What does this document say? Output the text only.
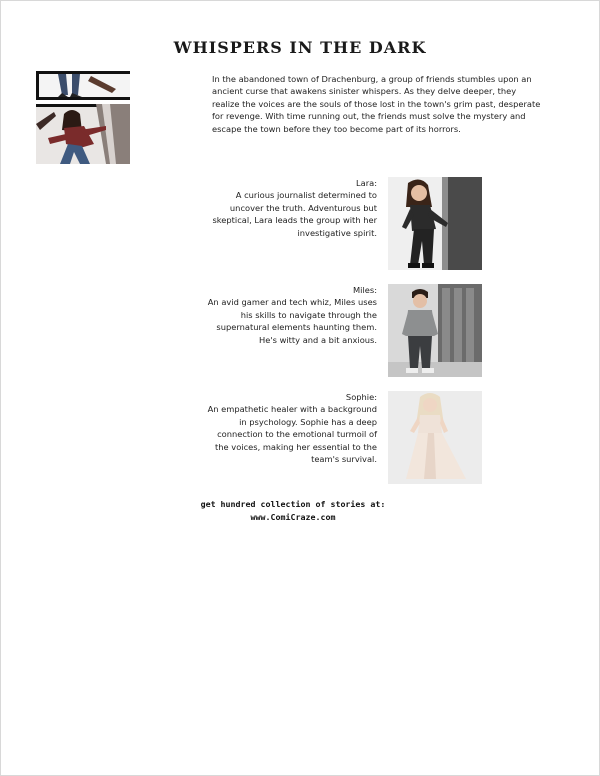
WHISPERS IN THE DARK
In the abandoned town of Drachenburg, a group of friends stumbles upon an ancient curse that awakens sinister whispers. As they delve deeper, they realize the voices are the souls of those lost in the town's grim past, desperate for revenge. With time running out, the friends must solve the mystery and escape the town before they too become part of its horrors.
Lara:
A curious journalist determined to uncover the truth. Adventurous but skeptical, Lara leads the group with her investigative spirit.
Miles:
An avid gamer and tech whiz, Miles uses his skills to navigate through the supernatural elements haunting them. He's witty and a bit anxious.
Sophie:
An empathetic healer with a background in psychology. Sophie has a deep connection to the emotional turmoil of the voices, making her essential to the team's survival.
get hundred collection of stories at:
www.ComiCraze.com
